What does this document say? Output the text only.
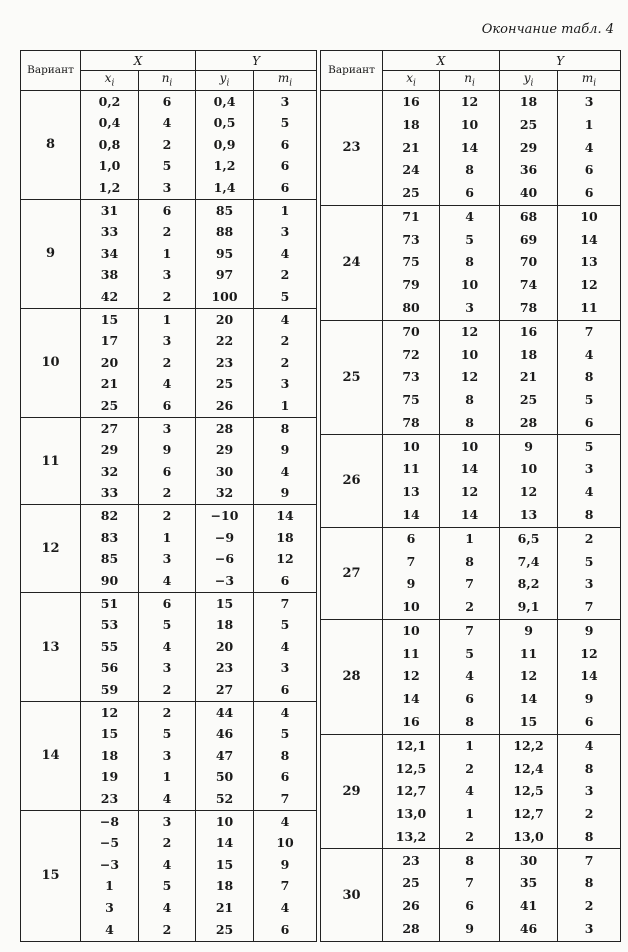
Окончание табл. 4
Вариант	X		Y	
	$x_i$	$n_i$	$y_i$	$m_i$
8	0,2	6	0,4	3
	0,4	4	0,5	5
	0,8	2	0,9	6
	1,0	5	1,2	6
	1,2	3	1,4	6
9	31	6	85	1
	33	2	88	3
	34	1	95	4
	38	3	97	2
	42	2	100	5
10	15	1	20	4
	17	3	22	2
	20	2	23	2
	21	4	25	3
	25	6	26	1
11	27	3	28	8
	29	9	29	9
	32	6	30	4
	33	2	32	9
12	82	2	−10	14
	83	1	−9	18
	85	3	−6	12
	90	4	−3	6
13	51	6	15	7
	53	5	18	5
	55	4	20	4
	56	3	23	3
	59	2	27	6
14	12	2	44	4
	15	5	46	5
	18	3	47	8
	19	1	50	6
	23	4	52	7
15	−8	3	10	4
	−5	2	14	10
	−3	4	15	9
	1	5	18	7
	3	4	21	4
	4	2	25	6
Вариант	X		Y	
	$x_i$	$n_i$	$y_i$	$m_i$
23	16	12	18	3
	18	10	25	1
	21	14	29	4
	24	8	36	6
	25	6	40	6
24	71	4	68	10
	73	5	69	14
	75	8	70	13
	79	10	74	12
	80	3	78	11
25	70	12	16	7
	72	10	18	4
	73	12	21	8
	75	8	25	5
	78	8	28	6
26	10	10	9	5
	11	14	10	3
	13	12	12	4
	14	14	13	8
27	6	1	6,5	2
	7	8	7,4	5
	9	7	8,2	3
	10	2	9,1	7
28	10	7	9	9
	11	5	11	12
	12	4	12	14
	14	6	14	9
	16	8	15	6
29	12,1	1	12,2	4
	12,5	2	12,4	8
	12,7	4	12,5	3
	13,0	1	12,7	2
	13,2	2	13,0	8
30	23	8	30	7
	25	7	35	8
	26	6	41	2
	28	9	46	3
